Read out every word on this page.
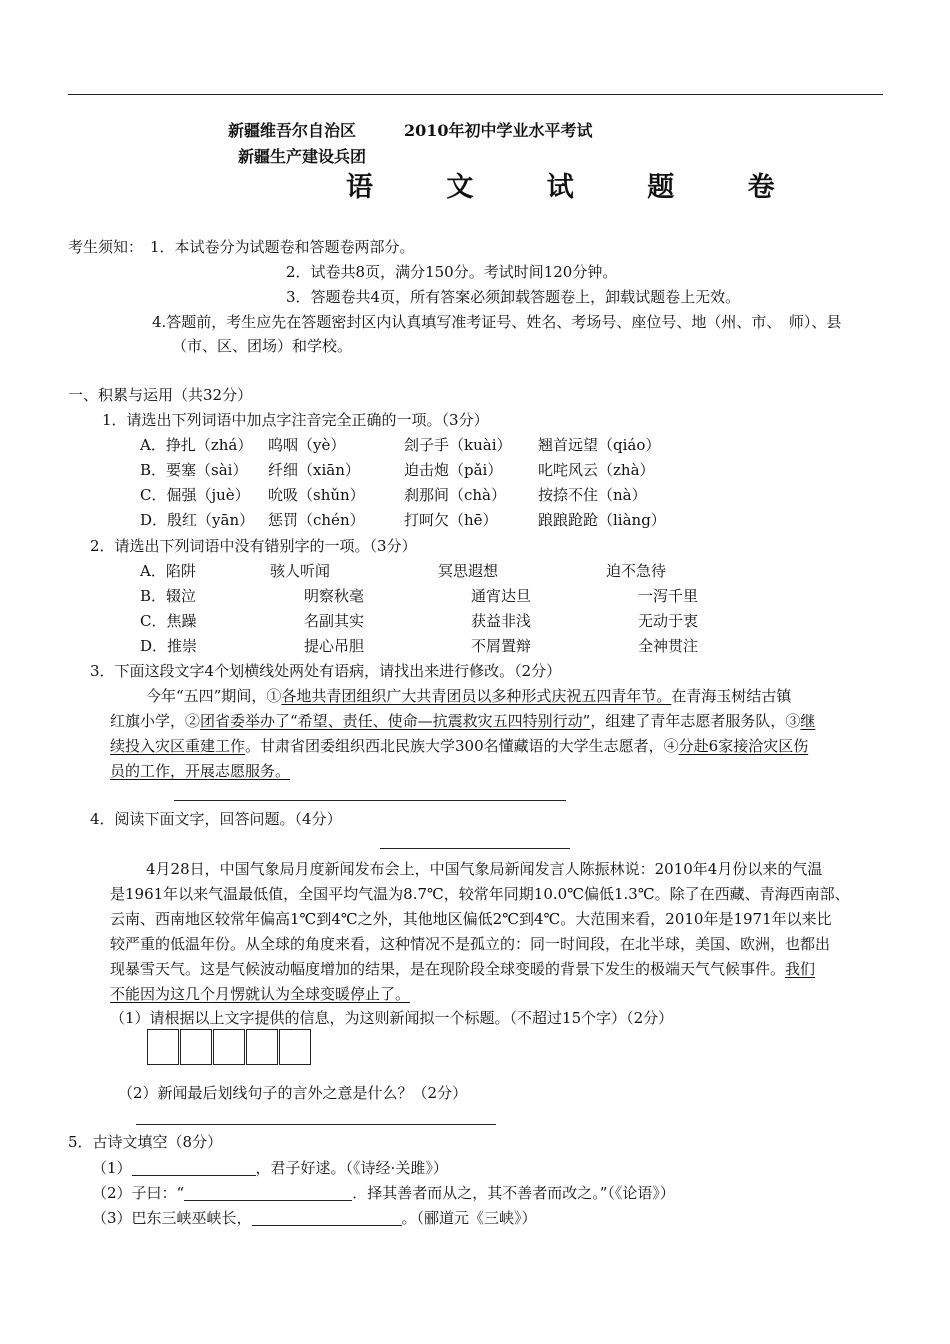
新疆维吾尔自治区	2010年初中学业水平考试
新疆生产建设兵团
语 文 试 题 卷
考生须知： 1．本试卷分为试题卷和答题卷两部分。
2．试卷共8页，满分150分。考试时间120分钟。
3．答题卷共4页，所有答案必须卸载答题卷上，卸载试题卷上无效。
4.答题前，考生应先在答题密封区内认真填写准考证号、姓名、考场号、座位号、地（州、市、　师）、县
（市、区、团场）和学校。
一、积累与运用（共32分）
1．请选出下列词语中加点字注音完全正确的一项。（3分）
A．挣扎（zhá） 呜咽（yè）	刽子手（kuài） 翘首远望（qiáo）
B．要塞（sài） 纤细（xiān）	迫击炮（pǎi） 叱咤风云（zhà）
C．倔强（juè） 吮吸（shǔn）	刹那间（chà） 按捺不住（nà）
D．殷红（yān） 惩罚（chén）	打呵欠（hē）	踉踉跄跄（liàng）
2．请选出下列词语中没有错别字的一项。（3分）
A．陷阱	骇人听闻	冥思遐想	迫不急待
B．辍泣	明察秋毫	通宵达旦	一泻千里
C．焦躁	名副其实	获益非浅	无动于衷
D．推崇	提心吊胆	不屑置辩	全神贯注
3．下面这段文字4个划横线处两处有语病，请找出来进行修改。（2分）
今年“五四”期间，①各地共青团组织广大共青团员以多种形式庆祝五四青年节。在青海玉树结古镇
红旗小学，②团省委举办了“希望、责任、使命—抗震救灾五四特别行动”，组建了青年志愿者服务队，③继
续投入灾区重建工作。甘肃省团委组织西北民族大学300名懂藏语的大学生志愿者，④分赴6家接洽灾区伤
员的工作，开展志愿服务。
4．阅读下面文字，回答问题。（4分）
4月28日，中国气象局月度新闻发布会上，中国气象局新闻发言人陈振林说：2010年4月份以来的气温
是1961年以来气温最低值，全国平均气温为8.7℃，较常年同期10.0℃偏低1.3℃。除了在西藏、青海西南部、
云南、西南地区较常年偏高1℃到4℃之外，其他地区偏低2℃到4℃。大范围来看，2010年是1971年以来比
较严重的低温年份。从全球的角度来看，这种情况不是孤立的：同一时间段，在北半球，美国、欧洲，也都出
现暴雪天气。这是气候波动幅度增加的结果，是在现阶段全球变暖的背景下发生的极端天气气候事件。我们
不能因为这几个月愣就认为全球变暖停止了。
（1）请根据以上文字提供的信息，为这则新闻拟一个标题。（不超过15个字）（2分）
（2）新闻最后划线句子的言外之意是什么？（2分）
5．古诗文填空（8分）
（1）	，君子好逑。（《诗经·关雎》）
（2）子曰：“	．择其善者而从之，其不善者而改之。”（《论语》）
（3）巴东三峡巫峡长，	。（郦道元《三峡》）
